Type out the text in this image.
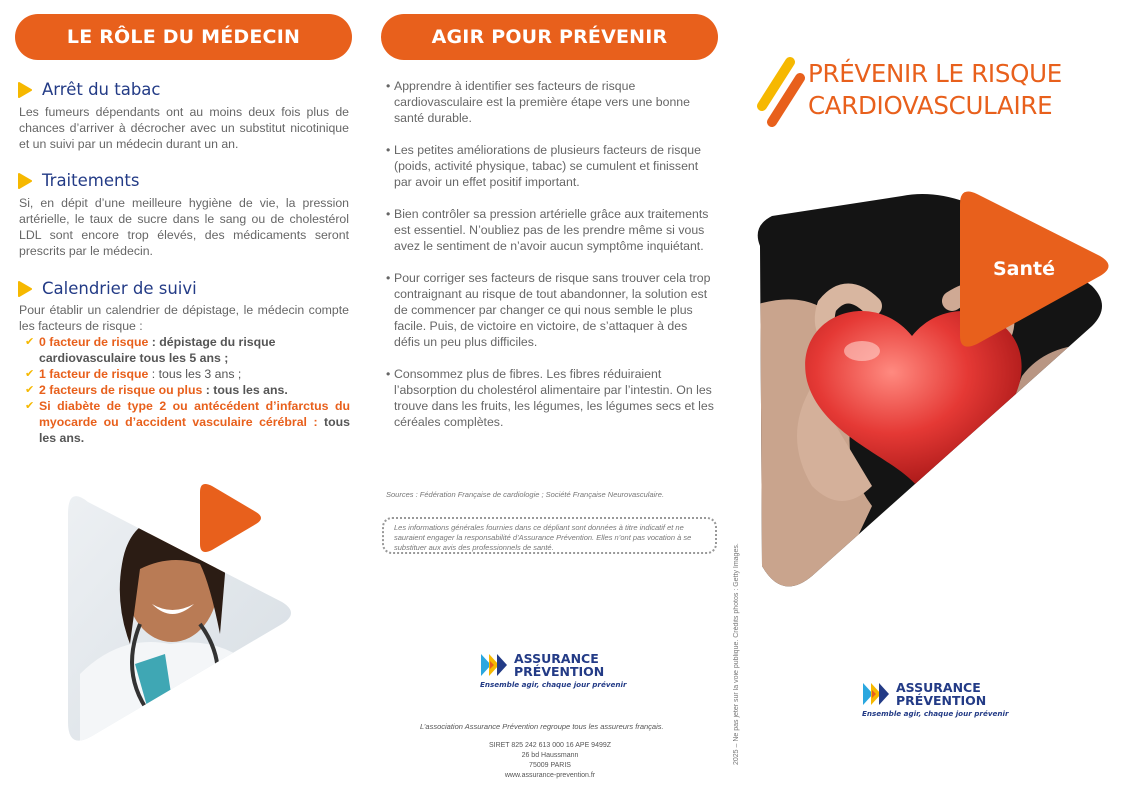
LE RÔLE DU MÉDECIN
Arrêt du tabac

Les fumeurs dépendants ont au moins deux fois plus de chances d’arriver à décrocher avec un substitut nicotinique et un suivi par un médecin durant un an.

Traitements

Si, en dépit d’une meilleure hygiène de vie, la pression artérielle, le taux de sucre dans le sang ou de cholestérol LDL sont encore trop élevés, des médicaments seront prescrits par le médecin.

Calendrier de suivi

Pour établir un calendrier de dépistage, le médecin compte les facteurs de risque :

✔ 0 facteur de risque : dépistage du risque cardiovasculaire tous les 5 ans ;
✔ 1 facteur de risque : tous les 3 ans ;
✔ 2 facteurs de risque ou plus : tous les ans.
✔ Si diabète de type 2 ou antécédent d’infarctus du myocarde ou d’accident vasculaire cérébral : tous les ans.
AGIR POUR PRÉVENIR
• Apprendre à identifier ses facteurs de risque cardiovasculaire est la première étape vers une bonne santé durable.
• Les petites améliorations de plusieurs facteurs de risque (poids, activité physique, tabac) se cumulent et finissent par avoir un effet positif important.
• Bien contrôler sa pression artérielle grâce aux traitements est essentiel. N’oubliez pas de les prendre même si vous avez le sentiment de n’avoir aucun symptôme inquiétant.
• Pour corriger ses facteurs de risque sans trouver cela trop contraignant au risque de tout abandonner, la solution est de commencer par changer ce qui nous semble le plus facile. Puis, de victoire en victoire, de s’attaquer à des défis un peu plus difficiles.
• Consommez plus de fibres. Les fibres réduiraient l’absorption du cholestérol alimentaire par l’intestin. On les trouve dans les fruits, les légumes, les légumes secs et les céréales complètes.
Sources : Fédération Française de cardiologie ; Société Française Neurovasculaire.
Les informations générales fournies dans ce dépliant sont données à titre indicatif et ne sauraient engager la responsabilité d’Assurance Prévention. Elles n’ont pas vocation à se substituer aux avis des professionnels de santé.
ASSURANCE
PRÉVENTION
Ensemble agir, chaque jour prévenir
L’association Assurance Prévention regroupe tous les assureurs français.
SIRET 825 242 613 000 16 APE 9499Z
26 bd Haussmann
75009 PARIS
www.assurance-prevention.fr
2025 – Ne pas jeter sur la voie publique. Crédits photos : Getty Images.
PRÉVENIR LE RISQUE
CARDIOVASCULAIRE
Santé
ASSURANCE
PRÉVENTION
Ensemble agir, chaque jour prévenir
